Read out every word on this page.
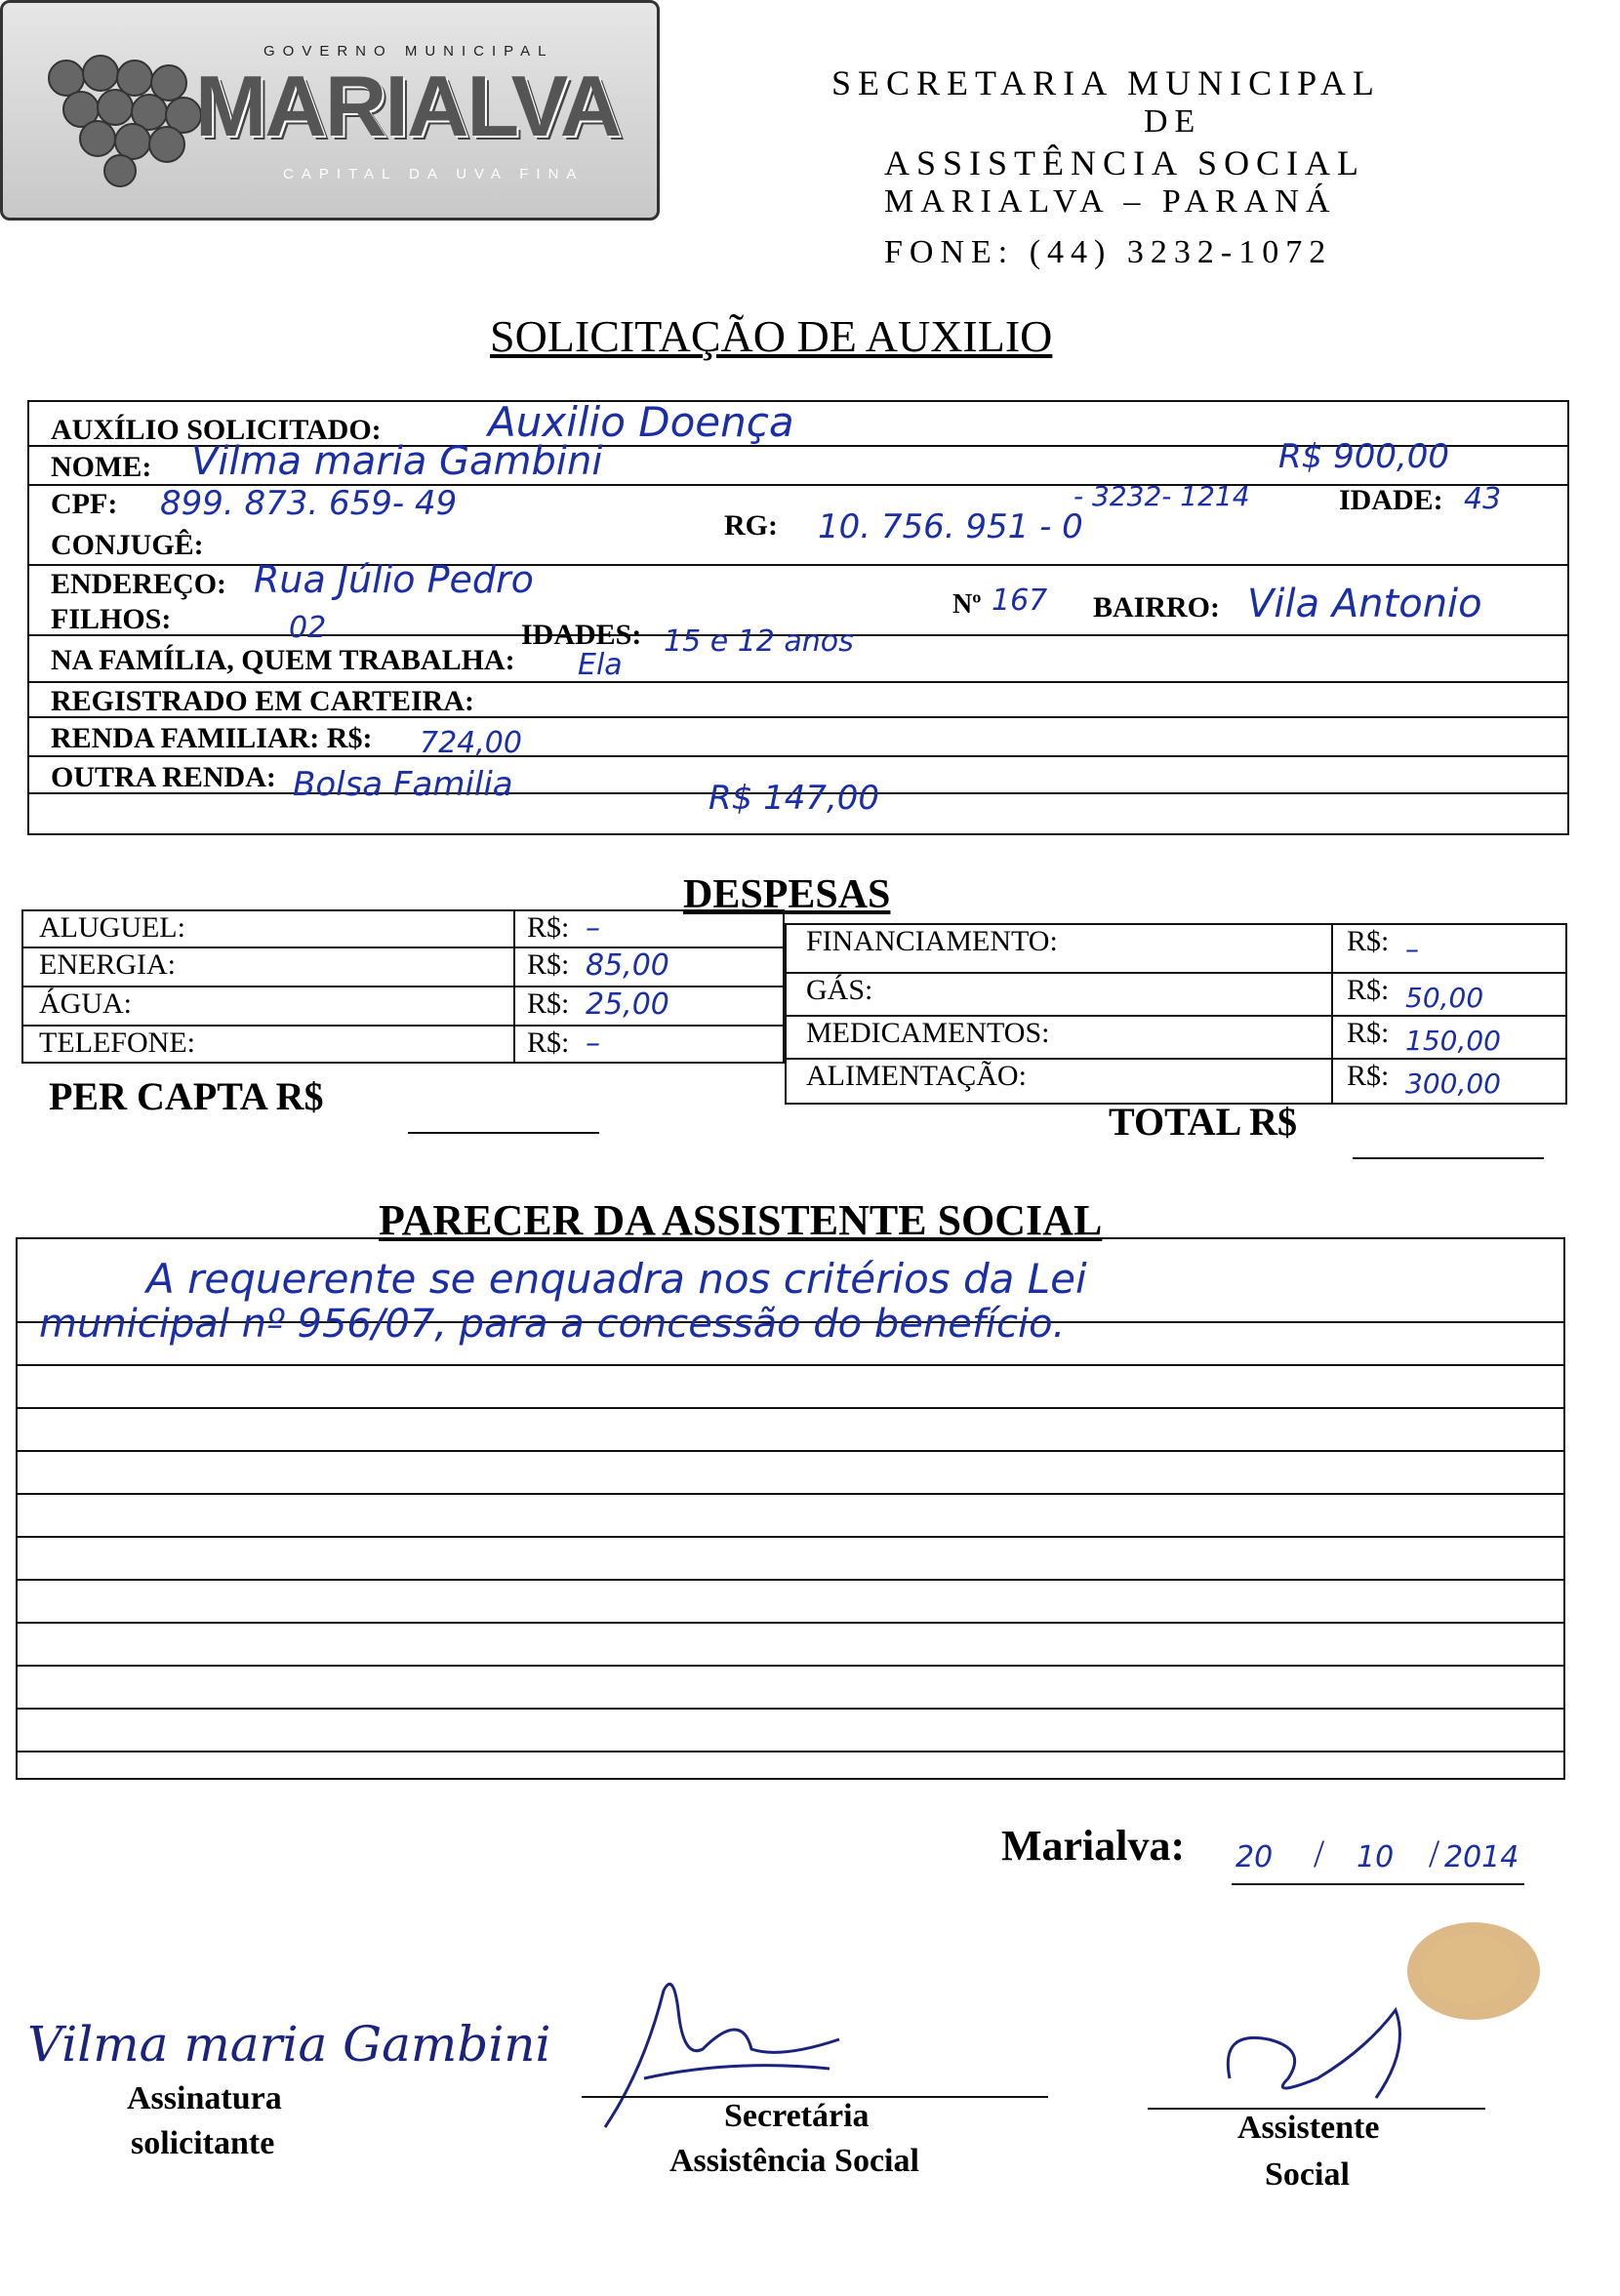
GOVERNO MUNICIPAL
MARIALVA
CAPITAL DA UVA FINA
SECRETARIA MUNICIPAL
DE
ASSISTÊNCIA SOCIAL
MARIALVA – PARANÁ
FONE: (44) 3232-1072
SOLICITAÇÃO DE AUXILIO
AUXÍLIO SOLICITADO:	Auxilio Doença
R$ 900,00
NOME: Vilma maria Gambini
- 3232- 1214	IDADE: 43
CPF: 899. 873. 659- 49
RG: 10. 756. 951 - 0
CONJUGÊ:
ENDEREÇO: Rua Júlio Pedro
Nº 167 BAIRRO: Vila Antonio
FILHOS:	02	IDADES: 15 e 12 anos
NA FAMÍLIA, QUEM TRABALHA: Ela
REGISTRADO EM CARTEIRA:
RENDA FAMILIAR: R$: 724,00
OUTRA RENDA: Bolsa Familia	R$ 147,00
DESPESAS
ALUGUEL:	R$: –
ENERGIA:	R$: 85,00
ÁGUA:	R$: 25,00
TELEFONE:	R$: –
FINANCIAMENTO:	R$: –
GÁS:	R$: 50,00
MEDICAMENTOS:	R$: 150,00
ALIMENTAÇÃO:	R$: 300,00
PER CAPTA R$
TOTAL R$
PARECER DA ASSISTENTE SOCIAL
A requerente se enquadra nos critérios da Lei
municipal nº 956/07, para a concessão do benefício.
Marialva: 20 / 10 / 2014
Vilma maria Gambini
Assinatura
solicitante
Secretária
Assistência Social
Assistente
Social
